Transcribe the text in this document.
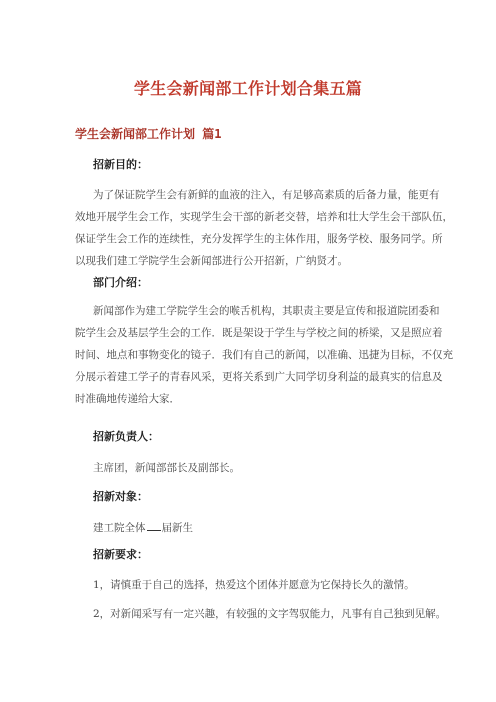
学生会新闻部工作计划合集五篇
学生会新闻部工作计划 篇1
招新目的：
为了保证院学生会有新鲜的血液的注入，有足够高素质的后备力量，能更有
效地开展学生会工作，实现学生会干部的新老交替，培养和壮大学生会干部队伍，
保证学生会工作的连续性，充分发挥学生的主体作用，服务学校、服务同学。所
以现我们建工学院学生会新闻部进行公开招新，广纳贤才。
部门介绍：
新闻部作为建工学院学生会的喉舌机构，其职责主要是宣传和报道院团委和
院学生会及基层学生会的工作．既是架设于学生与学校之间的桥梁，又是照应着
时间、地点和事物变化的镜子．我们有自己的新闻，以准确、迅捷为目标，不仅充
分展示着建工学子的青春风采，更将关系到广大同学切身利益的最真实的信息及
时准确地传递给大家．
招新负责人：

主席团，新闻部部长及副部长。

招新对象：

建工院全体 届新生

招新要求：

1，请慎重于自己的选择，热爱这个团体并愿意为它保持长久的激情。

2，对新闻采写有一定兴趣，有较强的文字驾驭能力，凡事有自己独到见解。
